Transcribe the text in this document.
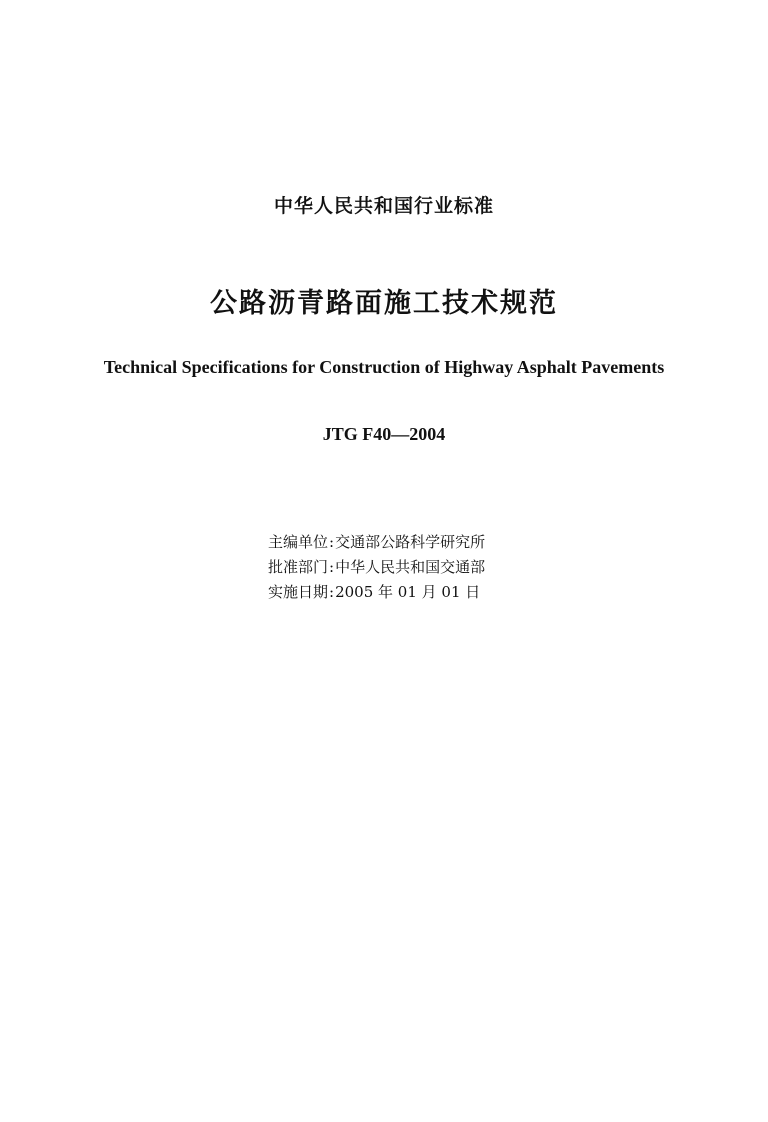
中华人民共和国行业标准
公路沥青路面施工技术规范
Technical Specifications for Construction of Highway Asphalt Pavements
JTG F40—2004
主编单位:交通部公路科学研究所
批准部门:中华人民共和国交通部
实施日期:2005 年 01 月 01 日
